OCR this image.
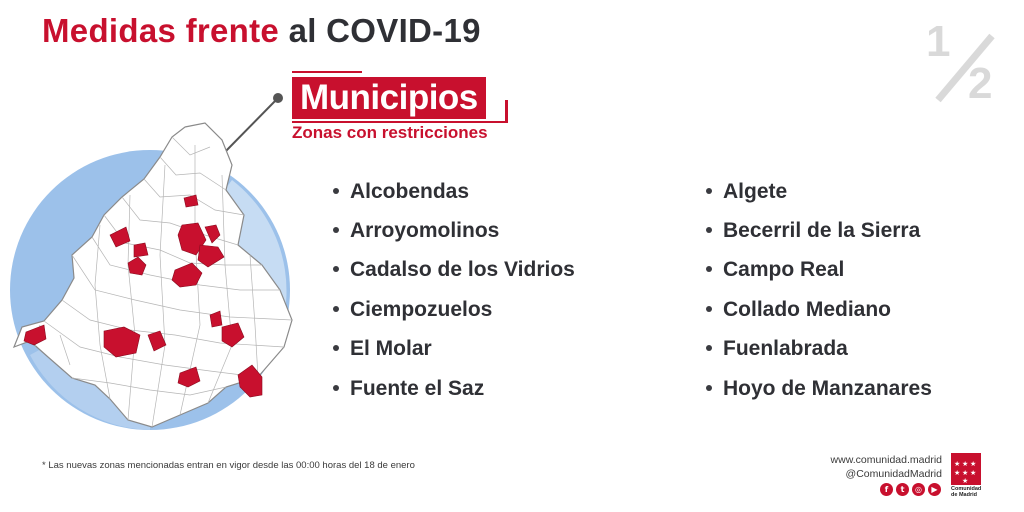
Medidas frente al COVID-19	1
2
Municipios
Zonas con restricciones
Alcobendas
Arroyomolinos
Cadalso de los Vidrios
Ciempozuelos
El Molar
Fuente el Saz
Algete
Becerril de la Sierra
Campo Real
Collado Mediano
Fuenlabrada
Hoyo de Manzanares
* Las nuevas zonas mencionadas entran en vigor desde las 00:00 horas del 18 de enero	www.comunidad.madrid
@ComunidadMadrid
f	t	◎	▶
★ ★ ★
★ ★ ★
★
Comunidad
de Madrid
